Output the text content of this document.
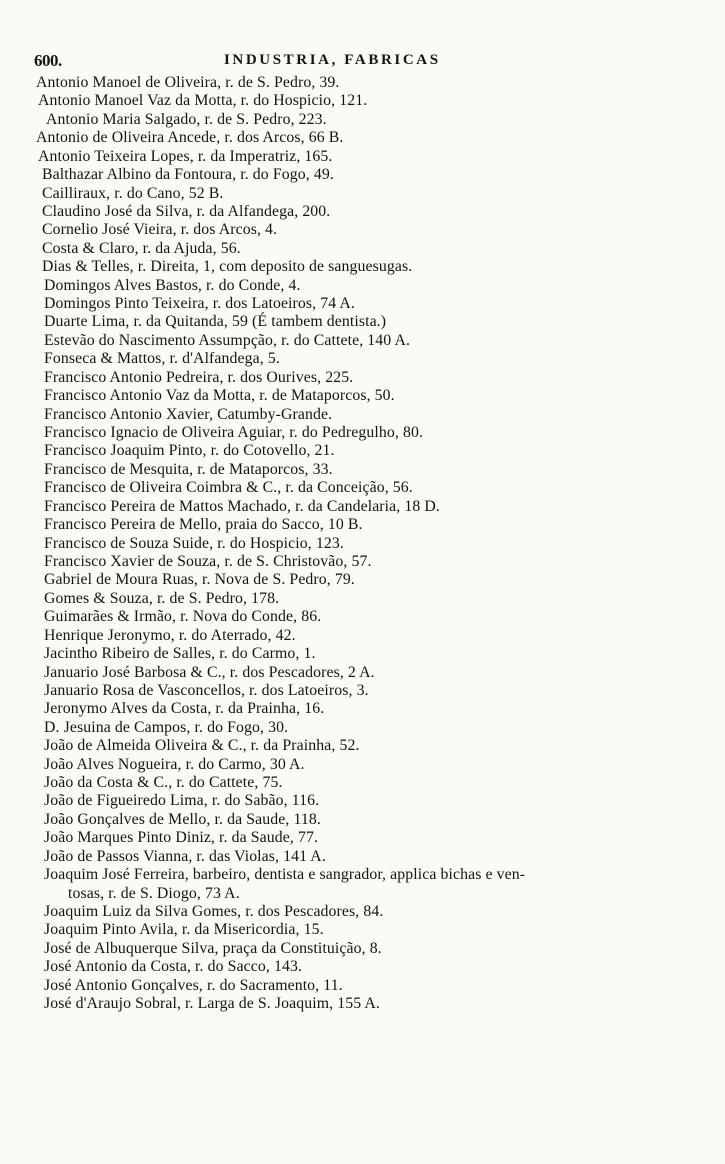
600.	INDUSTRIA, FABRICAS
Antonio Manoel de Oliveira, r. de S. Pedro, 39.
Antonio Manoel Vaz da Motta, r. do Hospicio, 121.
Antonio Maria Salgado, r. de S. Pedro, 223.
Antonio de Oliveira Ancede, r. dos Arcos, 66 B.
Antonio Teixeira Lopes, r. da Imperatriz, 165.
Balthazar Albino da Fontoura, r. do Fogo, 49.
Cailliraux, r. do Cano, 52 B.
Claudino José da Silva, r. da Alfandega, 200.
Cornelio José Vieira, r. dos Arcos, 4.
Costa & Claro, r. da Ajuda, 56.
Dias & Telles, r. Direita, 1, com deposito de sanguesugas.
Domingos Alves Bastos, r. do Conde, 4.
Domingos Pinto Teixeira, r. dos Latoeiros, 74 A.
Duarte Lima, r. da Quitanda, 59 (É tambem dentista.)
Estevão do Nascimento Assumpção, r. do Cattete, 140 A.
Fonseca & Mattos, r. d'Alfandega, 5.
Francisco Antonio Pedreira, r. dos Ourives, 225.
Francisco Antonio Vaz da Motta, r. de Mataporcos, 50.
Francisco Antonio Xavier, Catumby-Grande.
Francisco Ignacio de Oliveira Aguiar, r. do Pedregulho, 80.
Francisco Joaquim Pinto, r. do Cotovello, 21.
Francisco de Mesquita, r. de Mataporcos, 33.
Francisco de Oliveira Coimbra & C., r. da Conceição, 56.
Francisco Pereira de Mattos Machado, r. da Candelaria, 18 D.
Francisco Pereira de Mello, praia do Sacco, 10 B.
Francisco de Souza Suide, r. do Hospicio, 123.
Francisco Xavier de Souza, r. de S. Christovão, 57.
Gabriel de Moura Ruas, r. Nova de S. Pedro, 79.
Gomes & Souza, r. de S. Pedro, 178.
Guimarães & Irmão, r. Nova do Conde, 86.
Henrique Jeronymo, r. do Aterrado, 42.
Jacintho Ribeiro de Salles, r. do Carmo, 1.
Januario José Barbosa & C., r. dos Pescadores, 2 A.
Januario Rosa de Vasconcellos, r. dos Latoeiros, 3.
Jeronymo Alves da Costa, r. da Prainha, 16.
D. Jesuina de Campos, r. do Fogo, 30.
João de Almeida Oliveira & C., r. da Prainha, 52.
João Alves Nogueira, r. do Carmo, 30 A.
João da Costa & C., r. do Cattete, 75.
João de Figueiredo Lima, r. do Sabão, 116.
João Gonçalves de Mello, r. da Saude, 118.
João Marques Pinto Diniz, r. da Saude, 77.
João de Passos Vianna, r. das Violas, 141 A.
Joaquim José Ferreira, barbeiro, dentista e sangrador, applica bichas e ven-
tosas, r. de S. Diogo, 73 A.
Joaquim Luiz da Silva Gomes, r. dos Pescadores, 84.
Joaquim Pinto Avila, r. da Misericordia, 15.
José de Albuquerque Silva, praça da Constituição, 8.
José Antonio da Costa, r. do Sacco, 143.
José Antonio Gonçalves, r. do Sacramento, 11.
José d'Araujo Sobral, r. Larga de S. Joaquim, 155 A.
